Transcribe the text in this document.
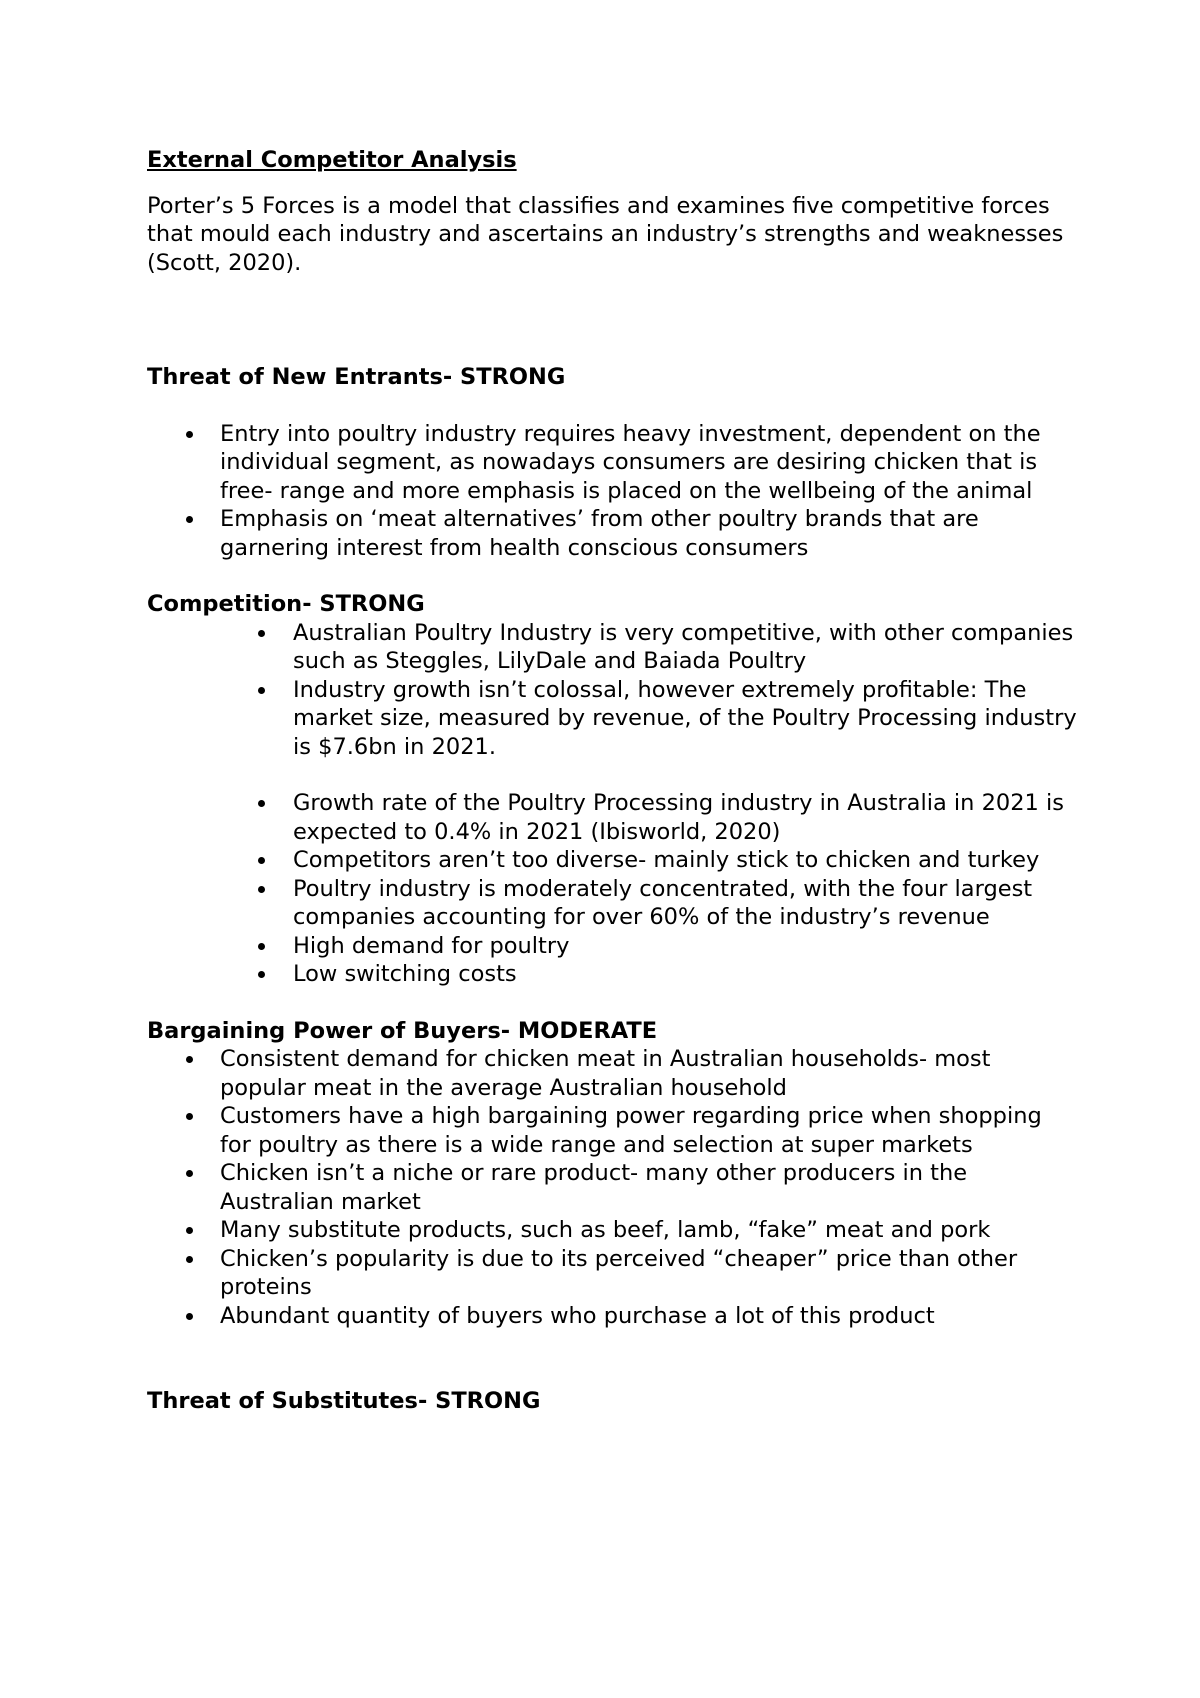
External Competitor Analysis

Porter’s 5 Forces is a model that classifies and examines five competitive forces that mould each industry and ascertains an industry’s strengths and weaknesses (Scott, 2020).

Threat of New Entrants- STRONG
Entry into poultry industry requires heavy investment, dependent on the individual segment, as nowadays consumers are desiring chicken that is free- range and more emphasis is placed on the wellbeing of the animal
Emphasis on ‘meat alternatives’ from other poultry brands that are garnering interest from health conscious consumers
Competition- STRONG
Australian Poultry Industry is very competitive, with other companies such as Steggles, LilyDale and Baiada Poultry
Industry growth isn’t colossal, however extremely profitable: The market size, measured by revenue, of the Poultry Processing industry is $7.6bn in 2021.
Growth rate of the Poultry Processing industry in Australia in 2021 is expected to 0.4% in 2021 (Ibisworld, 2020)
Competitors aren’t too diverse- mainly stick to chicken and turkey
Poultry industry is moderately concentrated, with the four largest companies accounting for over 60% of the industry’s revenue
High demand for poultry
Low switching costs
Bargaining Power of Buyers- MODERATE
Consistent demand for chicken meat in Australian households- most popular meat in the average Australian household
Customers have a high bargaining power regarding price when shopping for poultry as there is a wide range and selection at super markets
Chicken isn’t a niche or rare product- many other producers in the Australian market
Many substitute products, such as beef, lamb, “fake” meat and pork
Chicken’s popularity is due to its perceived “cheaper” price than other proteins
Abundant quantity of buyers who purchase a lot of this product
Threat of Substitutes- STRONG
